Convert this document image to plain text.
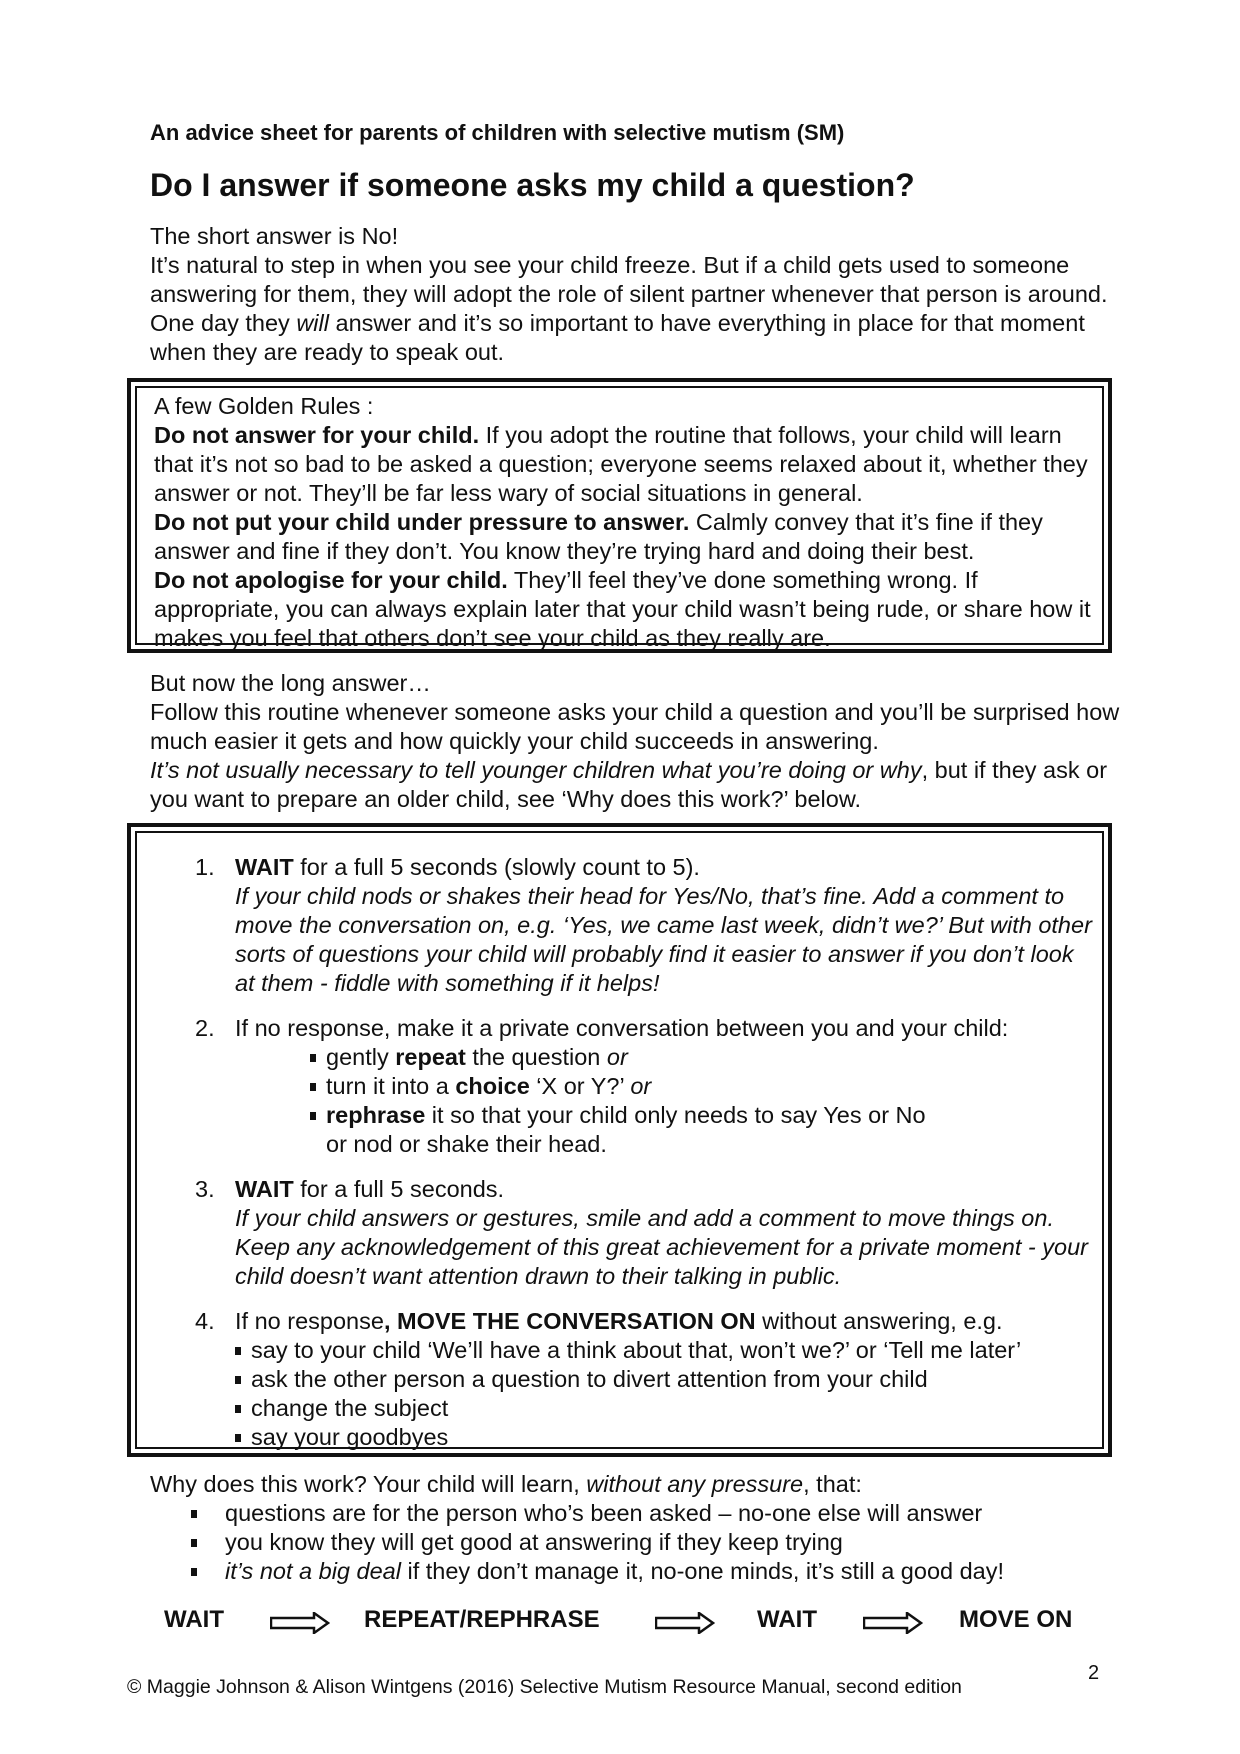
An advice sheet for parents of children with selective mutism (SM)
Do I answer if someone asks my child a question?
The short answer is No!
It’s natural to step in when you see your child freeze. But if a child gets used to someone answering for them, they will adopt the role of silent partner whenever that person is around. One day they will answer and it’s so important to have everything in place for that moment when they are ready to speak out.
A few Golden Rules :
Do not answer for your child. If you adopt the routine that follows, your child will learn that it’s not so bad to be asked a question; everyone seems relaxed about it, whether they answer or not. They’ll be far less wary of social situations in general.
Do not put your child under pressure to answer. Calmly convey that it’s fine if they answer and fine if they don’t. You know they’re trying hard and doing their best.
Do not apologise for your child. They’ll feel they’ve done something wrong. If appropriate, you can always explain later that your child wasn’t being rude, or share how it makes you feel that others don’t see your child as they really are.
But now the long answer…
Follow this routine whenever someone asks your child a question and you’ll be surprised how much easier it gets and how quickly your child succeeds in answering.
It’s not usually necessary to tell younger children what you’re doing or why, but if they ask or you want to prepare an older child, see ‘Why does this work?’ below.
1. WAIT for a full 5 seconds (slowly count to 5).
If your child nods or shakes their head for Yes/No, that’s fine. Add a comment to move the conversation on, e.g. ‘Yes, we came last week, didn’t we?’ But with other sorts of questions your child will probably find it easier to answer if you don’t look at them - fiddle with something if it helps!
2. If no response, make it a private conversation between you and your child:
gently repeat the question or
turn it into a choice ‘X or Y?’ or
rephrase it so that your child only needs to say Yes or No
or nod or shake their head.
3. WAIT for a full 5 seconds.
If your child answers or gestures, smile and add a comment to move things on. Keep any acknowledgement of this great achievement for a private moment - your child doesn’t want attention drawn to their talking in public.
4. If no response, MOVE THE CONVERSATION ON without answering, e.g.
say to your child ‘We’ll have a think about that, won’t we?’ or ‘Tell me later’
ask the other person a question to divert attention from your child
change the subject
say your goodbyes
Why does this work? Your child will learn, without any pressure, that:
questions are for the person who’s been asked – no-one else will answer
you know they will get good at answering if they keep trying
it’s not a big deal if they don’t manage it, no-one minds, it’s still a good day!
WAIT	REPEAT/REPHRASE	WAIT	MOVE ON
© Maggie Johnson & Alison Wintgens (2016) Selective Mutism Resource Manual, second edition
2
